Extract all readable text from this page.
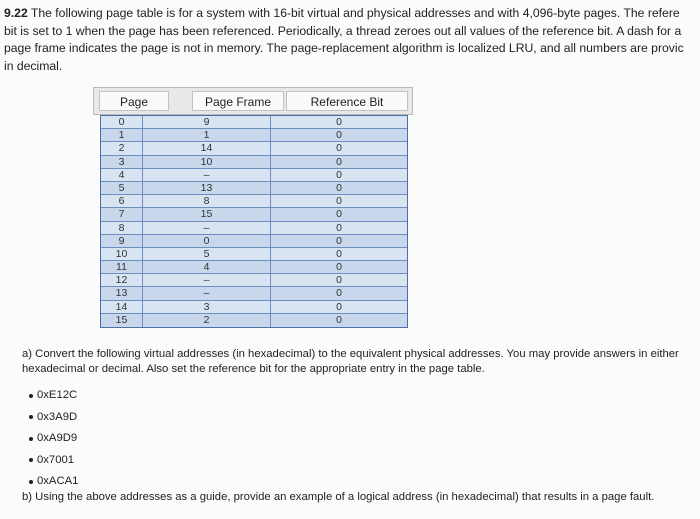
9.22 The following page table is for a system with 16-bit virtual and physical addresses and with 4,096-byte pages. The refere
bit is set to 1 when the page has been referenced. Periodically, a thread zeroes out all values of the reference bit. A dash for a
page frame indicates the page is not in memory. The page-replacement algorithm is localized LRU, and all numbers are provic
in decimal.
Page	Page Frame	Reference Bit
0	9	0
1	1	0
2	14	0
3	10	0
4	–	0
5	13	0
6	8	0
7	15	0
8	–	0
9	0	0
10	5	0
11	4	0
12	–	0
13	–	0
14	3	0
15	2	0
a) Convert the following virtual addresses (in hexadecimal) to the equivalent physical addresses. You may provide answers in either hexadecimal or decimal. Also set the reference bit for the appropriate entry in the page table.
0xE12C
0x3A9D
0xA9D9
0x7001
0xACA1
b) Using the above addresses as a guide, provide an example of a logical address (in hexadecimal) that results in a page fault.
